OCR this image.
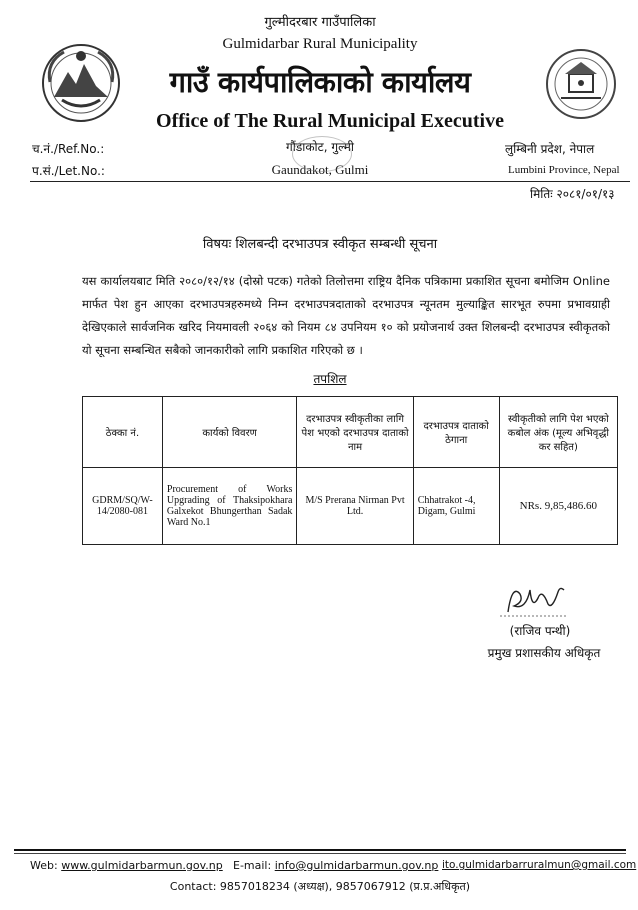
गुल्मीदरबार गाउँपालिका
Gulmidarbar Rural Municipality
गाउँ कार्यपालिकाको कार्यालय
Office of The Rural Municipal Executive
च.नं./Ref.No.:
प.सं./Let.No.:
गौंडाकोट, गुल्मी
Gaundakot, Gulmi
लुम्बिनी प्रदेश, नेपाल
Lumbini Province, Nepal
मितिः २०८१/०१/१३
विषयः शिलबन्दी दरभाउपत्र स्वीकृत सम्बन्धी सूचना
यस कार्यालयबाट मिति २०८०/१२/१४ (दोस्रो पटक) गतेको तिलोत्तमा राष्ट्रिय दैनिक पत्रिकामा प्रकाशित सूचना बमोजिम Online मार्फत पेश हुन आएका दरभाउपत्रहरुमध्ये निम्न दरभाउपत्रदाताको दरभाउपत्र न्यूनतम मुल्याङ्कित सारभूत रुपमा प्रभावग्राही देखिएकाले सार्वजनिक खरिद नियमावली २०६४ को नियम ८४ उपनियम १० को प्रयोजनार्थ उक्त शिलबन्दी दरभाउपत्र स्वीकृतको यो सूचना सम्बन्धित सबैको जानकारीको लागि प्रकाशित गरिएको छ ।
तपशिल
ठेक्का नं.	कार्यको विवरण	दरभाउपत्र स्वीकृतीका लागि पेश भएको दरभाउपत्र दाताको नाम	दरभाउपत्र दाताको ठेगाना	स्वीकृतीको लागि पेश भएको कबोल अंक (मूल्य अभिवृद्धी कर सहित)
GDRM/SQ/W-14/2080-081	Procurement of Works Upgrading of Thaksipokhara Galxekot Bhungerthan Sadak Ward No.1	M/S Prerana Nirman Pvt Ltd.	Chhatrakot -4, Digam, Gulmi	NRs. 9,85,486.60
(राजिव पन्थी)
प्रमुख प्रशासकीय अधिकृत
Web: www.gulmidarbarmun.gov.np E-mail: info@gulmidarbarmun.gov.np ito.gulmidarbarruralmun@gmail.com
Contact: 9857018234 (अध्यक्ष), 9857067912 (प्र.प्र.अधिकृत)
